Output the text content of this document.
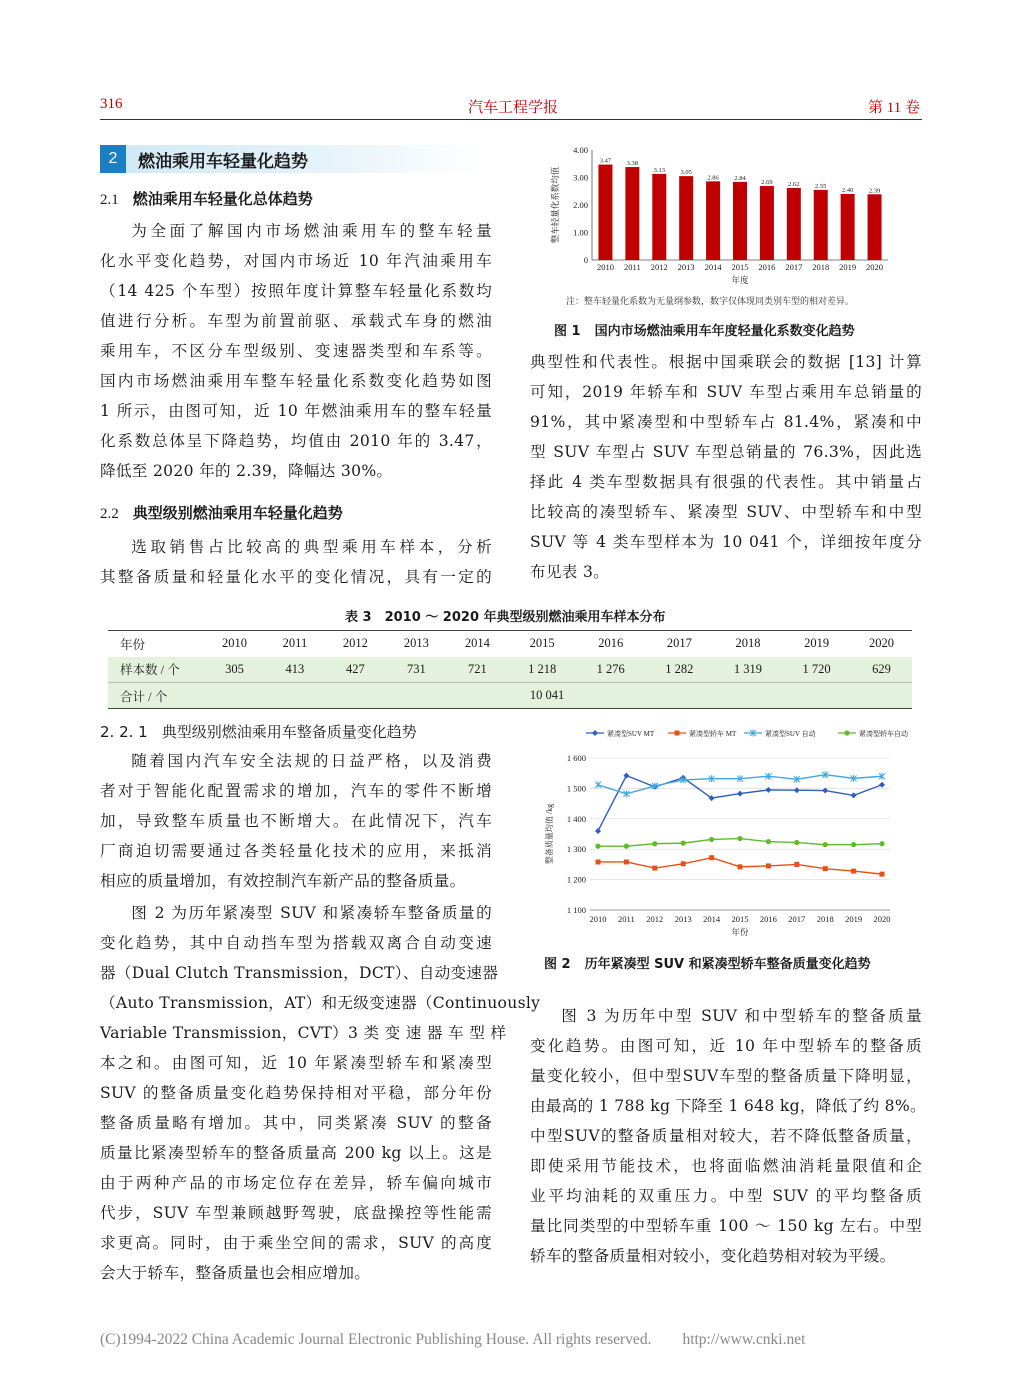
316	汽车工程学报	第 11 卷
2	燃油乘用车轻量化趋势
2.1 燃油乘用车轻量化总体趋势
为全面了解国内市场燃油乘用车的整车轻量
化水平变化趋势，对国内市场近 10 年汽油乘用车
（14 425 个车型）按照年度计算整车轻量化系数均
值进行分析。车型为前置前驱、承载式车身的燃油
乘用车，不区分车型级别、变速器类型和车系等。
国内市场燃油乘用车整车轻量化系数变化趋势如图
1 所示，由图可知，近 10 年燃油乘用车的整车轻量
化系数总体呈下降趋势，均值由 2010 年的 3.47，
降低至 2020 年的 2.39，降幅达 30%。
2.2 典型级别燃油乘用车轻量化趋势
选取销售占比较高的典型乘用车样本，分析
其整备质量和轻量化水平的变化情况，具有一定的
0
1.00
2.00
3.00
4.00
3.47
2010
3.38
2011
3.13
2012
3.05
2013
2.86
2014
2.84
2015
2.69
2016
2.62
2017
2.55
2018
2.40
2019
2.39
2020
年度
整车轻量化系数均值
注：整车轻量化系数为无量纲参数，数字仅体现同类别车型的相对差异。
图 1 国内市场燃油乘用车年度轻量化系数变化趋势
典型性和代表性。根据中国乘联会的数据 [13] 计算
可知，2019 年轿车和 SUV 车型占乘用车总销量的
91%，其中紧凑型和中型轿车占 81.4%，紧凑和中
型 SUV 车型占 SUV 车型总销量的 76.3%，因此选
择此 4 类车型数据具有很强的代表性。其中销量占
比较高的凑型轿车、紧凑型 SUV、中型轿车和中型
SUV 等 4 类车型样本为 10 041 个，详细按年度分
布见表 3。
表 3　2010 ～ 2020 年典型级别燃油乘用车样本分布
年份	2010	2011	2012	2013	2014	2015	2016	2017	2018	2019	2020
样本数 / 个	305	413	427	731	721	1 218	1 276	1 282	1 319	1 720	629
合计 / 个	10 041										
2. 2. 1 典型级别燃油乘用车整备质量变化趋势
随着国内汽车安全法规的日益严格，以及消费
者对于智能化配置需求的增加，汽车的零件不断增
加，导致整车质量也不断增大。在此情况下，汽车
厂商迫切需要通过各类轻量化技术的应用，来抵消
相应的质量增加，有效控制汽车新产品的整备质量。
图 2 为历年紧凑型 SUV 和紧凑轿车整备质量的
变化趋势，其中自动挡车型为搭载双离合自动变速
器（Dual Clutch Transmission，DCT）、自动变速器
（Auto Transmission，AT）和无级变速器（Continuously
Variable Transmission，CVT）3 类 变 速 器 车 型 样
本之和。由图可知，近 10 年紧凑型轿车和紧凑型
SUV 的整备质量变化趋势保持相对平稳，部分年份
整备质量略有增加。其中，同类紧凑 SUV 的整备
质量比紧凑型轿车的整备质量高 200 kg 以上。这是
由于两种产品的市场定位存在差异，轿车偏向城市
代步，SUV 车型兼顾越野驾驶，底盘操控等性能需
求更高。同时，由于乘坐空间的需求，SUV 的高度
会大于轿车，整备质量也会相应增加。
紧凑型SUV MT	紧凑型轿车 MT	紧凑型SUV 自动	紧凑型轿车自动
1 100
1 200
1 300
1 400
1 500
1 600
2010 2011 2012 2013 2014 2015 2016 2017 2018 2019 2020
年份
整备质量均值 /kg
图 2 历年紧凑型 SUV 和紧凑型轿车整备质量变化趋势
图 3 为历年中型 SUV 和中型轿车的整备质量
变化趋势。由图可知，近 10 年中型轿车的整备质
量变化较小，但中型SUV车型的整备质量下降明显，
由最高的 1 788 kg 下降至 1 648 kg，降低了约 8%。
中型SUV的整备质量相对较大，若不降低整备质量，
即使采用节能技术，也将面临燃油消耗量限值和企
业平均油耗的双重压力。中型 SUV 的平均整备质
量比同类型的中型轿车重 100 ～ 150 kg 左右。中型
轿车的整备质量相对较小，变化趋势相对较为平缓。
(C)1994-2022 China Academic Journal Electronic Publishing House. All rights reserved.　　http://www.cnki.net
